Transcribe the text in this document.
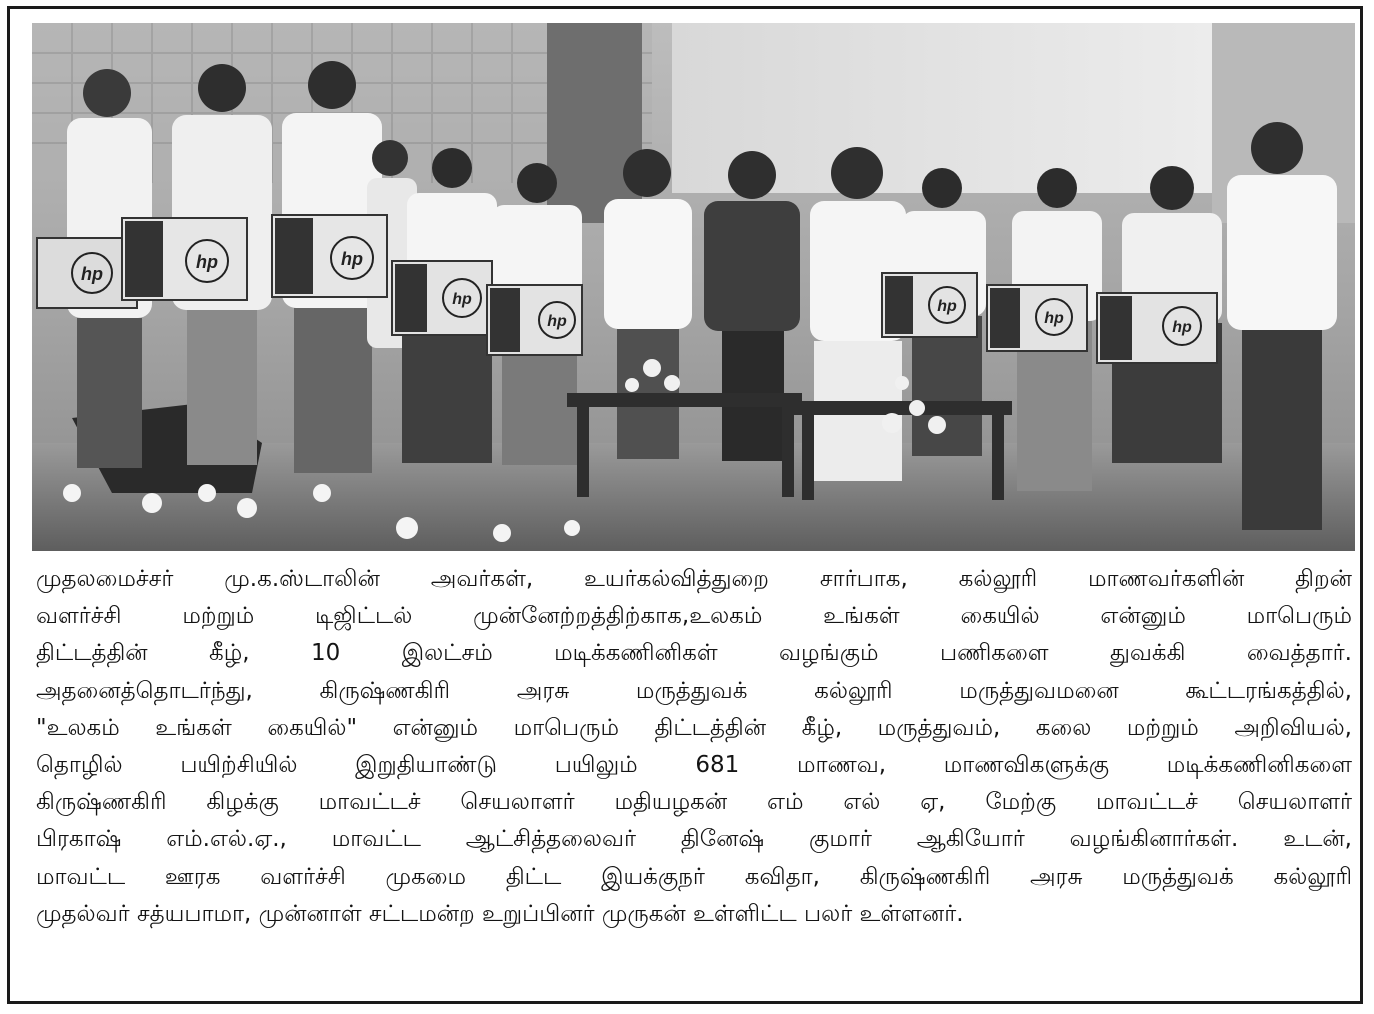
hp
hp	hp
hp
hp
hp
hp
hp
முதலமைச்சர் மு.க.ஸ்டாலின் அவர்கள், உயர்கல்வித்துறை சார்பாக, கல்லூரி மாணவர்களின் திறன்
வளர்ச்சி மற்றும் டிஜிட்டல் முன்னேற்றத்திற்காக,உலகம் உங்கள் கையில் என்னும் மாபெரும்
திட்டத்தின் கீழ், 10 இலட்சம் மடிக்கணினிகள் வழங்கும் பணிகளை துவக்கி வைத்தார்.
அதனைத்தொடர்ந்து, கிருஷ்ணகிரி அரசு மருத்துவக் கல்லூரி மருத்துவமனை கூட்டரங்கத்தில்,
"உலகம் உங்கள் கையில்" என்னும் மாபெரும் திட்டத்தின் கீழ், மருத்துவம், கலை மற்றும் அறிவியல்,
தொழில் பயிற்சியில் இறுதியாண்டு பயிலும் 681 மாணவ, மாணவிகளுக்கு மடிக்கணினிகளை
கிருஷ்ணகிரி கிழக்கு மாவட்டச் செயலாளர் மதியழகன் எம் எல் ஏ, மேற்கு மாவட்டச் செயலாளர்
பிரகாஷ் எம்.எல்.ஏ., மாவட்ட ஆட்சித்தலைவர் தினேஷ் குமார் ஆகியோர் வழங்கினார்கள். உடன்,
மாவட்ட ஊரக வளர்ச்சி முகமை திட்ட இயக்குநர் கவிதா, கிருஷ்ணகிரி அரசு மருத்துவக் கல்லூரி
முதல்வர் சத்யபாமா, முன்னாள் சட்டமன்ற உறுப்பினர் முருகன் உள்ளிட்ட பலர் உள்ளனர்.
